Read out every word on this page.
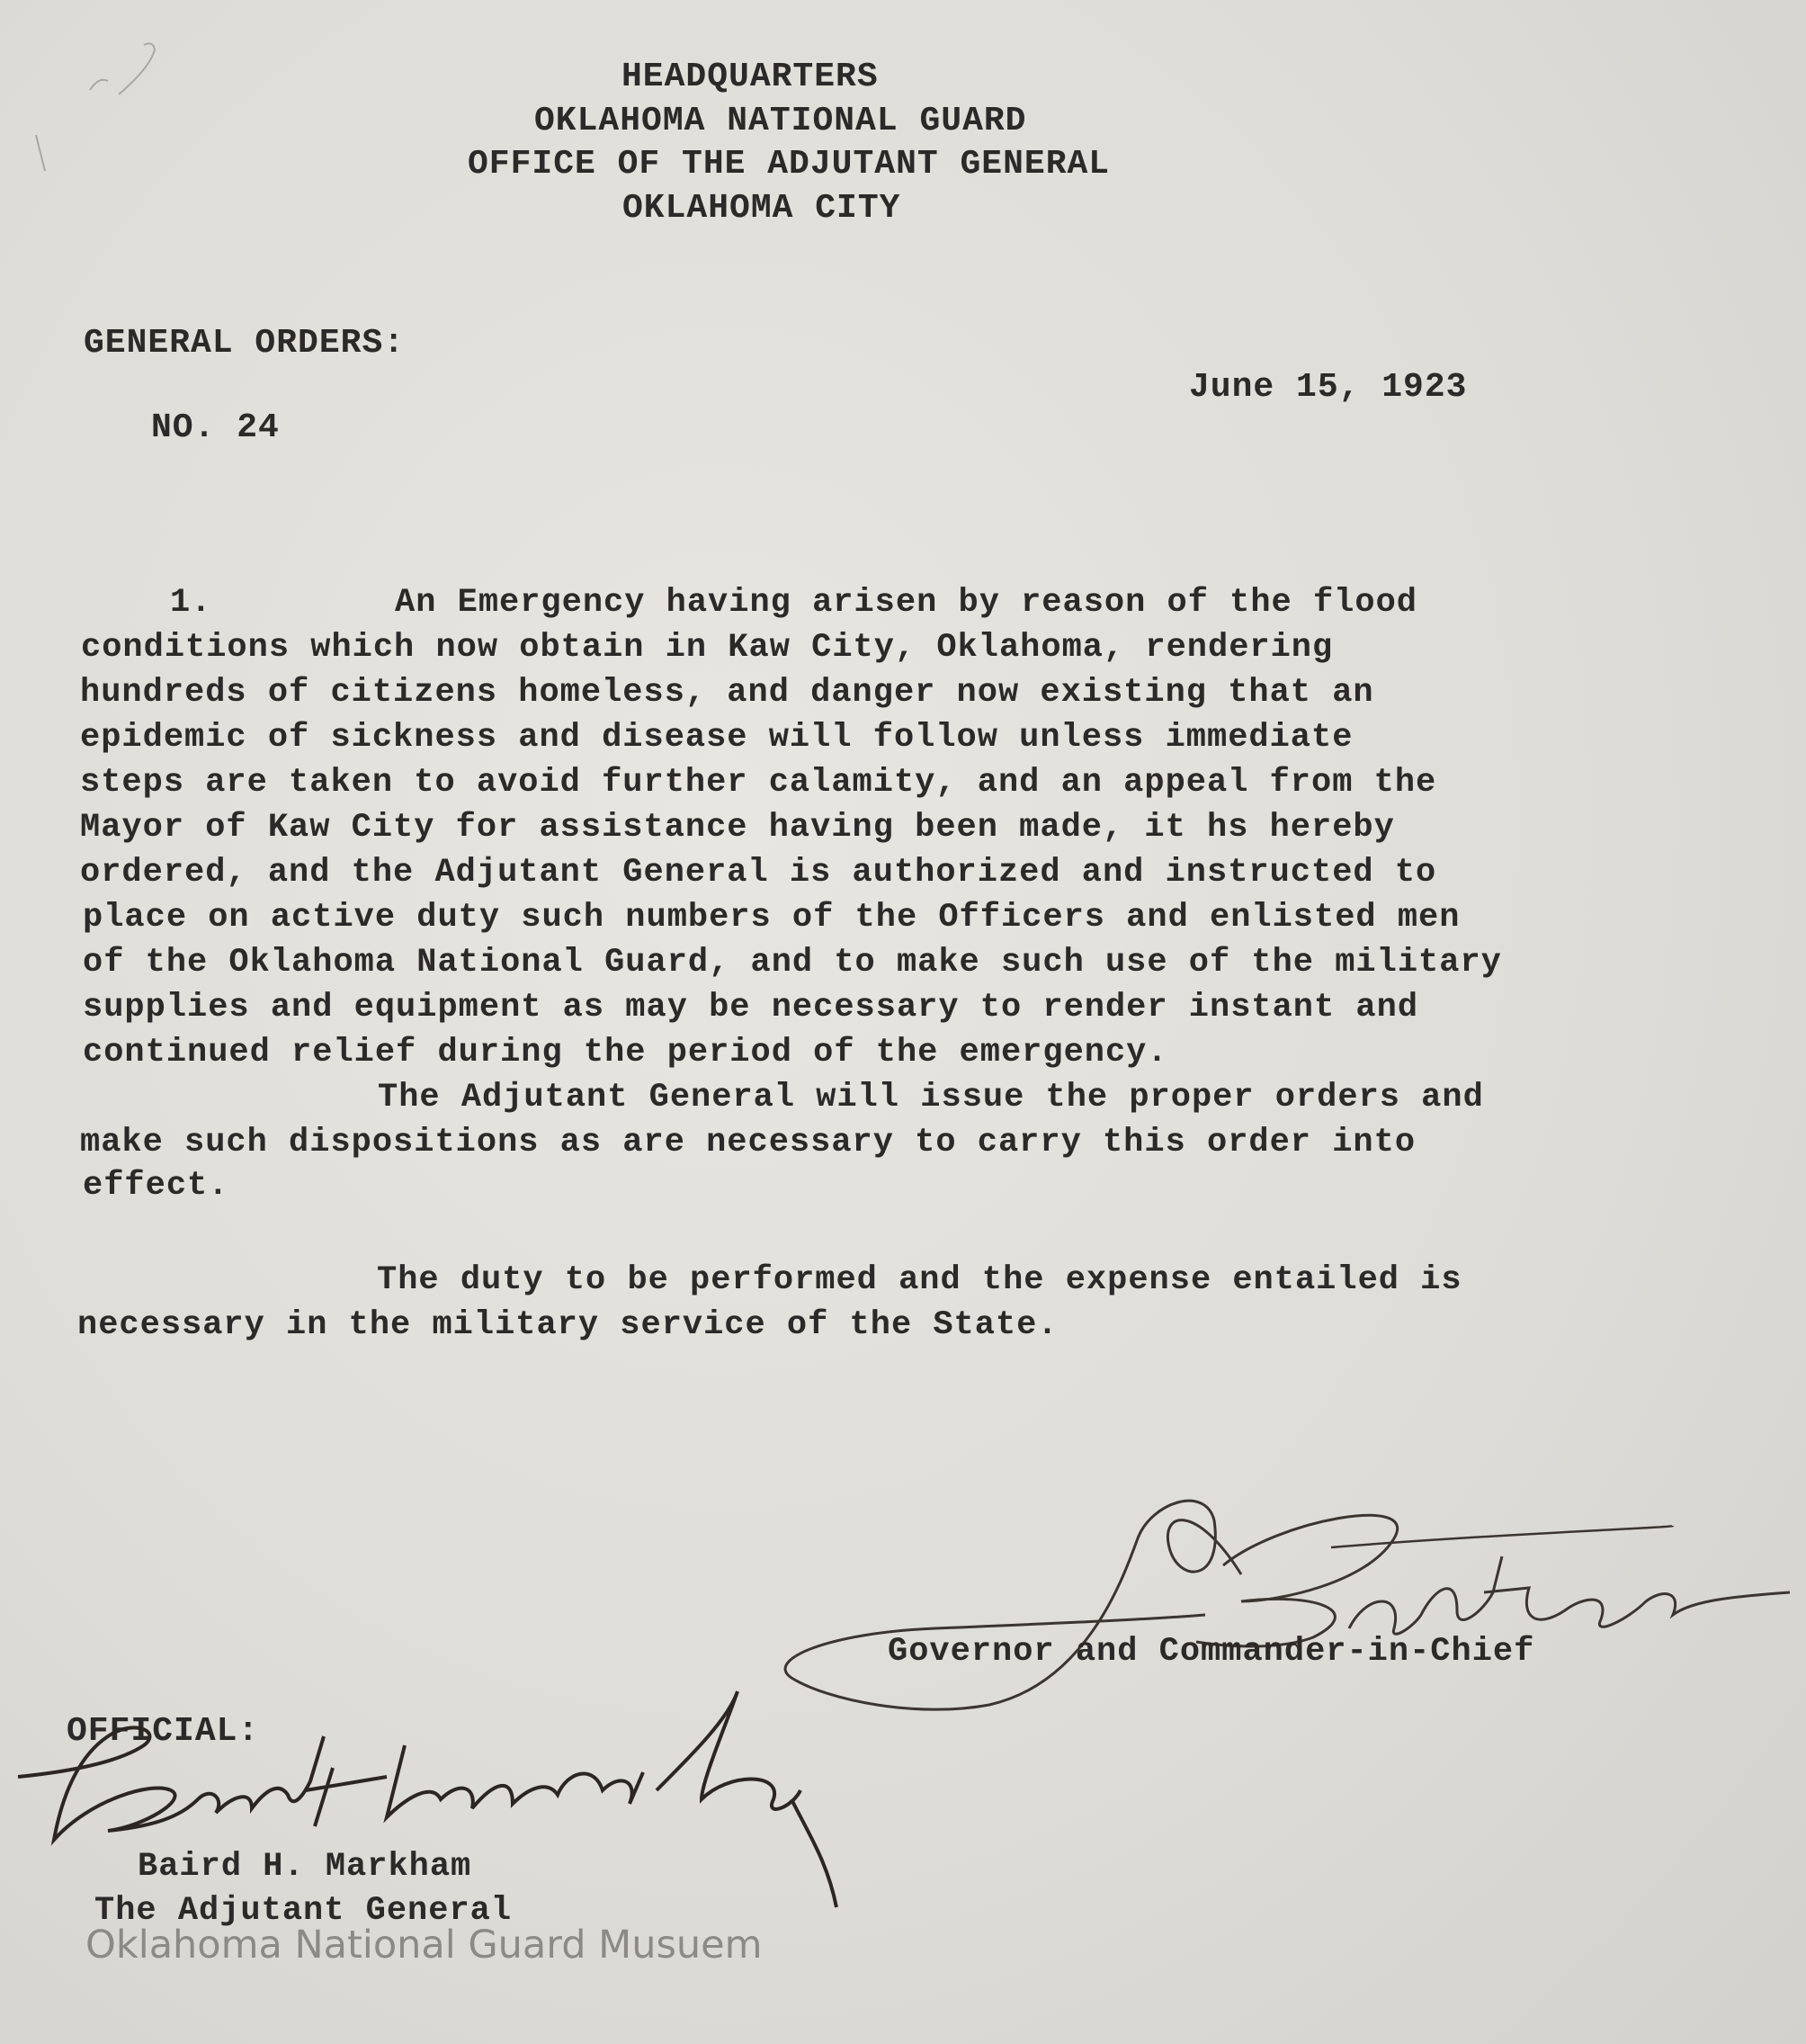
HEADQUARTERS

OKLAHOMA NATIONAL GUARD

OFFICE OF THE ADJUTANT GENERAL

OKLAHOMA CITY

GENERAL ORDERS:

June 15, 1923

NO. 24

1.	An Emergency having arisen by reason of the flood

conditions which now obtain in Kaw City, Oklahoma, rendering

hundreds of citizens homeless, and danger now existing that an

epidemic of sickness and disease will follow unless immediate

steps are taken to avoid further calamity, and an appeal from the

Mayor of Kaw City for assistance having been made, it hs hereby

ordered, and the Adjutant General is authorized and instructed to

place on active duty such numbers of the Officers and enlisted men

of the Oklahoma National Guard, and to make such use of the military

supplies and equipment as may be necessary to render instant and

continued relief during the period of the emergency.

The Adjutant General will issue the proper orders and

make such dispositions as are necessary to carry this order into

effect.

The duty to be performed and the expense entailed is

necessary in the military service of the State.

Governor and Commander-in-Chief

OFFICIAL:

Baird H. Markham

The Adjutant General

Oklahoma National Guard Musuem
